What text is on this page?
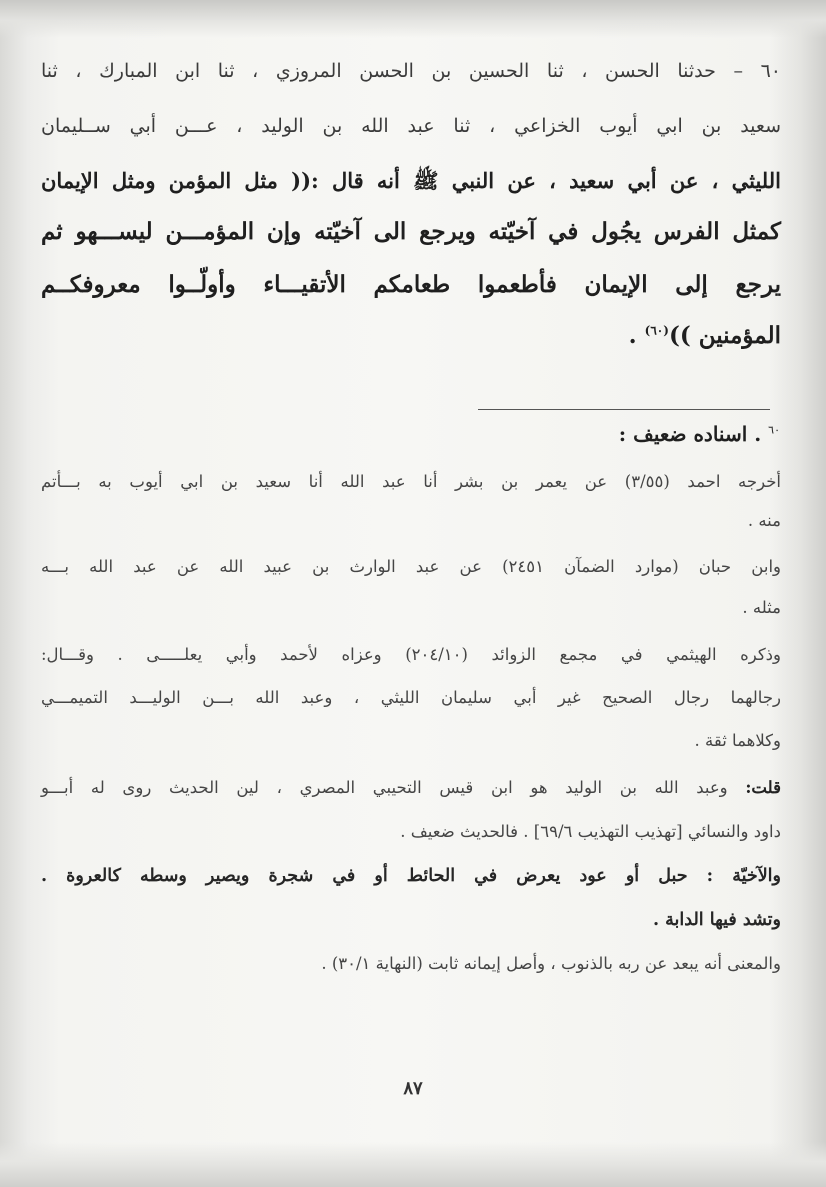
٦٠ – حدثنا الحسن ، ثنا الحسين بن الحسن المروزي ، ثنا ابن المبارك ، ثنا
سعيد بن ابي أيوب الخزاعي ، ثنا عبد الله بن الوليد ، عـــن أبي ســليمان
الليثي ، عن أبي سعيد ، عن النبي ﷺ أنه قال :(( مثل المؤمن ومثل الإيمان
كمثل الفرس يجُول في آخيّته ويرجع الى آخيّته وإن المؤمـــن ليســـهو ثم
يرجع إلى الإيمان فأطعموا طعامكم الأتقيـــاء وأولّــوا معروفكــم
المؤمنين ))$^{(٦٠)}$ .
$^{٦٠}$ . اسناده ضعيف :
أخرجه احمد (٣/٥٥) عن يعمر بن بشر أنا عبد الله أنا سعيد بن ابي أيوب به بـــأتم
منه .
وابن حبان (موارد الضمآن ٢٤٥١) عن عبد الوارث بن عبيد الله عن عبد الله بـــه
مثله .
وذكره الهيثمي في مجمع الزوائد (٢٠٤/١٠) وعزاه لأحمد وأبي يعلـــــى . وقـــال:
رجالهما رجال الصحيح غير أبي سليمان الليثي ، وعبد الله بـــن الوليـــد التميمـــي
وكلاهما ثقة .
قلت: وعبد الله بن الوليد هو ابن قيس التحيبي المصري ، لين الحديث روى له أبـــو
داود والنسائي [تهذيب التهذيب ٦٩/٦] . فالحديث ضعيف .
والآخيّة : حبل أو عود يعرض في الحائط أو في شجرة ويصير وسطه كالعروة .
وتشد فيها الدابة .
والمعنى أنه يبعد عن ربه بالذنوب ، وأصل إيمانه ثابت (النهاية ٣٠/١) .
٨٧
